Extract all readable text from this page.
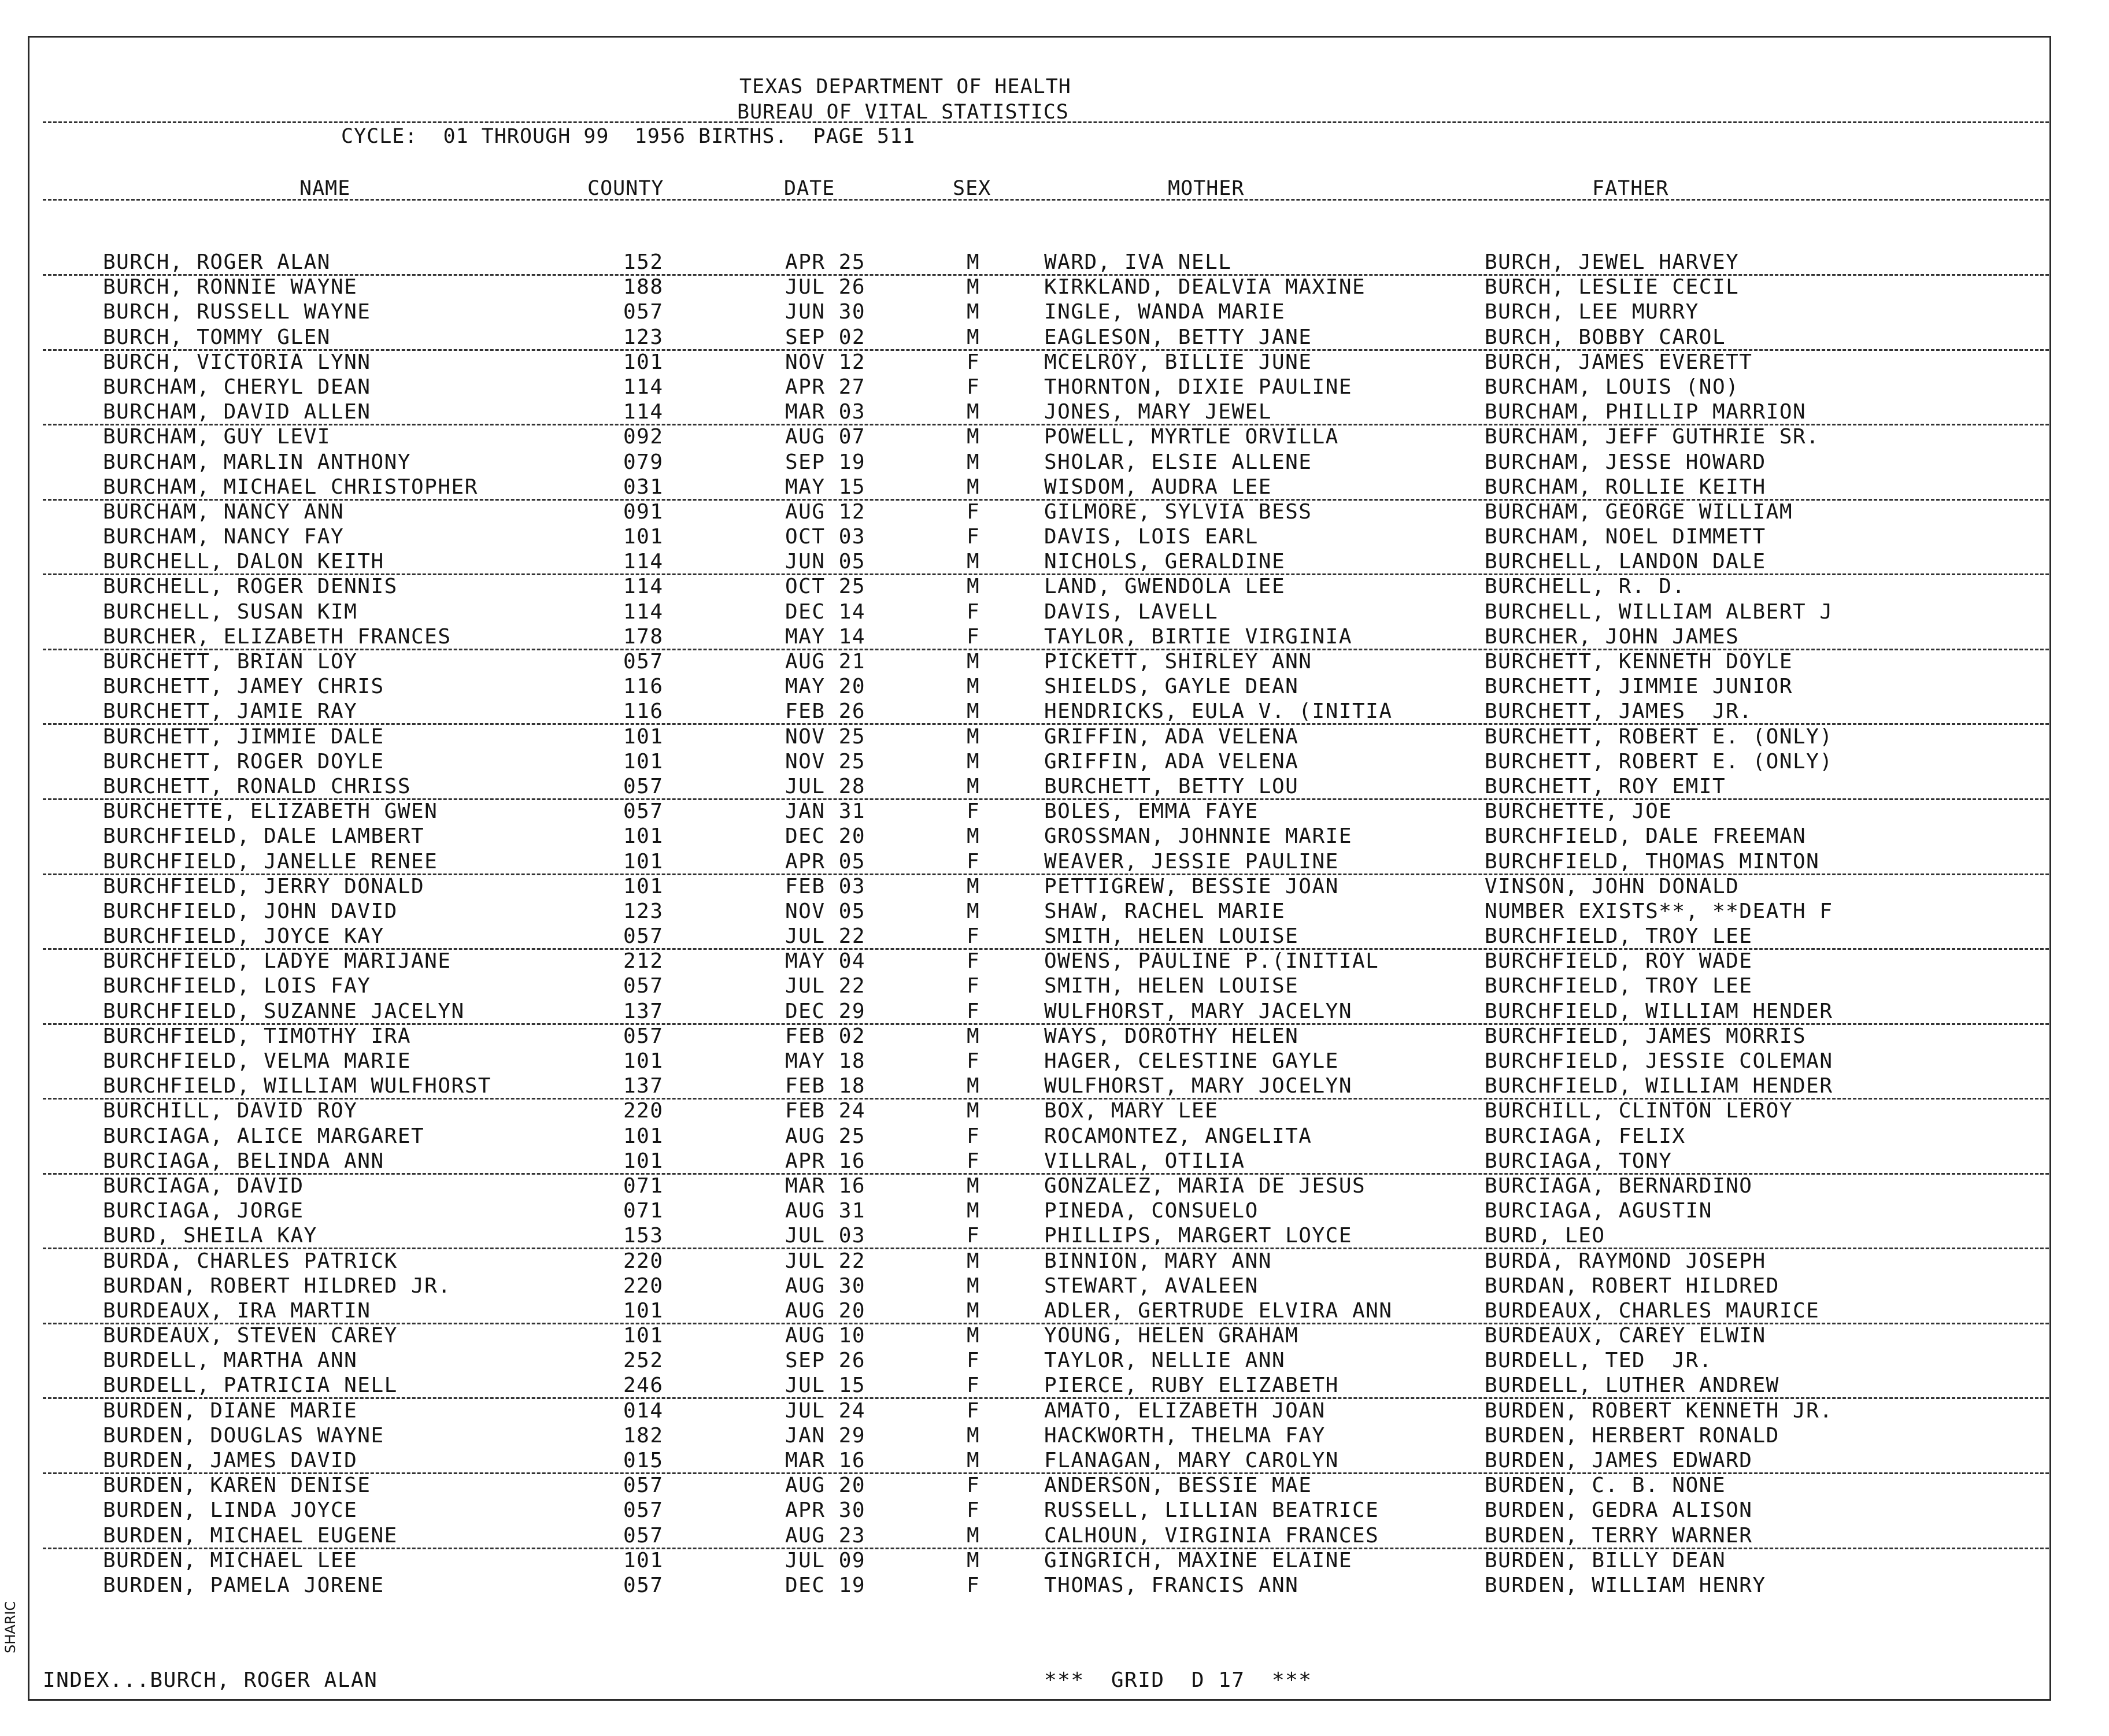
TEXAS DEPARTMENT OF HEALTH
BUREAU OF VITAL STATISTICS
CYCLE:  01 THROUGH 99  1956 BIRTHS.  PAGE 511
NAME	COUNTY	DATE	SEX	MOTHER	FATHER
BURCH, ROGER ALAN	152	APR 25	M	WARD, IVA NELL	BURCH, JEWEL HARVEY
BURCH, RONNIE WAYNE	188	JUL 26	M	KIRKLAND, DEALVIA MAXINE	BURCH, LESLIE CECIL
BURCH, RUSSELL WAYNE	057	JUN 30	M	INGLE, WANDA MARIE	BURCH, LEE MURRY
BURCH, TOMMY GLEN	123	SEP 02	M	EAGLESON, BETTY JANE	BURCH, BOBBY CAROL
BURCH, VICTORIA LYNN	101	NOV 12	F	MCELROY, BILLIE JUNE	BURCH, JAMES EVERETT
BURCHAM, CHERYL DEAN	114	APR 27	F	THORNTON, DIXIE PAULINE	BURCHAM, LOUIS (NO)
BURCHAM, DAVID ALLEN	114	MAR 03	M	JONES, MARY JEWEL	BURCHAM, PHILLIP MARRION
BURCHAM, GUY LEVI	092	AUG 07	M	POWELL, MYRTLE ORVILLA	BURCHAM, JEFF GUTHRIE SR.
BURCHAM, MARLIN ANTHONY	079	SEP 19	M	SHOLAR, ELSIE ALLENE	BURCHAM, JESSE HOWARD
BURCHAM, MICHAEL CHRISTOPHER	031	MAY 15	M	WISDOM, AUDRA LEE	BURCHAM, ROLLIE KEITH
BURCHAM, NANCY ANN	091	AUG 12	F	GILMORE, SYLVIA BESS	BURCHAM, GEORGE WILLIAM
BURCHAM, NANCY FAY	101	OCT 03	F	DAVIS, LOIS EARL	BURCHAM, NOEL DIMMETT
BURCHELL, DALON KEITH	114	JUN 05	M	NICHOLS, GERALDINE	BURCHELL, LANDON DALE
BURCHELL, ROGER DENNIS	114	OCT 25	M	LAND, GWENDOLA LEE	BURCHELL, R. D.
BURCHELL, SUSAN KIM	114	DEC 14	F	DAVIS, LAVELL	BURCHELL, WILLIAM ALBERT J
BURCHER, ELIZABETH FRANCES	178	MAY 14	F	TAYLOR, BIRTIE VIRGINIA	BURCHER, JOHN JAMES
BURCHETT, BRIAN LOY	057	AUG 21	M	PICKETT, SHIRLEY ANN	BURCHETT, KENNETH DOYLE
BURCHETT, JAMEY CHRIS	116	MAY 20	M	SHIELDS, GAYLE DEAN	BURCHETT, JIMMIE JUNIOR
BURCHETT, JAMIE RAY	116	FEB 26	M	HENDRICKS, EULA V. (INITIA	BURCHETT, JAMES  JR.
BURCHETT, JIMMIE DALE	101	NOV 25	M	GRIFFIN, ADA VELENA	BURCHETT, ROBERT E. (ONLY)
BURCHETT, ROGER DOYLE	101	NOV 25	M	GRIFFIN, ADA VELENA	BURCHETT, ROBERT E. (ONLY)
BURCHETT, RONALD CHRISS	057	JUL 28	M	BURCHETT, BETTY LOU	BURCHETT, ROY EMIT
BURCHETTE, ELIZABETH GWEN	057	JAN 31	F	BOLES, EMMA FAYE	BURCHETTE, JOE
BURCHFIELD, DALE LAMBERT	101	DEC 20	M	GROSSMAN, JOHNNIE MARIE	BURCHFIELD, DALE FREEMAN
BURCHFIELD, JANELLE RENEE	101	APR 05	F	WEAVER, JESSIE PAULINE	BURCHFIELD, THOMAS MINTON
BURCHFIELD, JERRY DONALD	101	FEB 03	M	PETTIGREW, BESSIE JOAN	VINSON, JOHN DONALD
BURCHFIELD, JOHN DAVID	123	NOV 05	M	SHAW, RACHEL MARIE	NUMBER EXISTS**, **DEATH F
BURCHFIELD, JOYCE KAY	057	JUL 22	F	SMITH, HELEN LOUISE	BURCHFIELD, TROY LEE
BURCHFIELD, LADYE MARIJANE	212	MAY 04	F	OWENS, PAULINE P.(INITIAL	BURCHFIELD, ROY WADE
BURCHFIELD, LOIS FAY	057	JUL 22	F	SMITH, HELEN LOUISE	BURCHFIELD, TROY LEE
BURCHFIELD, SUZANNE JACELYN	137	DEC 29	F	WULFHORST, MARY JACELYN	BURCHFIELD, WILLIAM HENDER
BURCHFIELD, TIMOTHY IRA	057	FEB 02	M	WAYS, DOROTHY HELEN	BURCHFIELD, JAMES MORRIS
BURCHFIELD, VELMA MARIE	101	MAY 18	F	HAGER, CELESTINE GAYLE	BURCHFIELD, JESSIE COLEMAN
BURCHFIELD, WILLIAM WULFHORST	137	FEB 18	M	WULFHORST, MARY JOCELYN	BURCHFIELD, WILLIAM HENDER
BURCHILL, DAVID ROY	220	FEB 24	M	BOX, MARY LEE	BURCHILL, CLINTON LEROY
BURCIAGA, ALICE MARGARET	101	AUG 25	F	ROCAMONTEZ, ANGELITA	BURCIAGA, FELIX
BURCIAGA, BELINDA ANN	101	APR 16	F	VILLRAL, OTILIA	BURCIAGA, TONY
BURCIAGA, DAVID	071	MAR 16	M	GONZALEZ, MARIA DE JESUS	BURCIAGA, BERNARDINO
BURCIAGA, JORGE	071	AUG 31	M	PINEDA, CONSUELO	BURCIAGA, AGUSTIN
BURD, SHEILA KAY	153	JUL 03	F	PHILLIPS, MARGERT LOYCE	BURD, LEO
BURDA, CHARLES PATRICK	220	JUL 22	M	BINNION, MARY ANN	BURDA, RAYMOND JOSEPH
BURDAN, ROBERT HILDRED JR.	220	AUG 30	M	STEWART, AVALEEN	BURDAN, ROBERT HILDRED
BURDEAUX, IRA MARTIN	101	AUG 20	M	ADLER, GERTRUDE ELVIRA ANN	BURDEAUX, CHARLES MAURICE
BURDEAUX, STEVEN CAREY	101	AUG 10	M	YOUNG, HELEN GRAHAM	BURDEAUX, CAREY ELWIN
BURDELL, MARTHA ANN	252	SEP 26	F	TAYLOR, NELLIE ANN	BURDELL, TED  JR.
BURDELL, PATRICIA NELL	246	JUL 15	F	PIERCE, RUBY ELIZABETH	BURDELL, LUTHER ANDREW
BURDEN, DIANE MARIE	014	JUL 24	F	AMATO, ELIZABETH JOAN	BURDEN, ROBERT KENNETH JR.
BURDEN, DOUGLAS WAYNE	182	JAN 29	M	HACKWORTH, THELMA FAY	BURDEN, HERBERT RONALD
BURDEN, JAMES DAVID	015	MAR 16	M	FLANAGAN, MARY CAROLYN	BURDEN, JAMES EDWARD
BURDEN, KAREN DENISE	057	AUG 20	F	ANDERSON, BESSIE MAE	BURDEN, C. B. NONE
BURDEN, LINDA JOYCE	057	APR 30	F	RUSSELL, LILLIAN BEATRICE	BURDEN, GEDRA ALISON
BURDEN, MICHAEL EUGENE	057	AUG 23	M	CALHOUN, VIRGINIA FRANCES	BURDEN, TERRY WARNER
BURDEN, MICHAEL LEE	101	JUL 09	M	GINGRICH, MAXINE ELAINE	BURDEN, BILLY DEAN
BURDEN, PAMELA JORENE	057	DEC 19	F	THOMAS, FRANCIS ANN	BURDEN, WILLIAM HENRY
INDEX...BURCH, ROGER ALAN	***  GRID  D 17  ***
SHARIC
